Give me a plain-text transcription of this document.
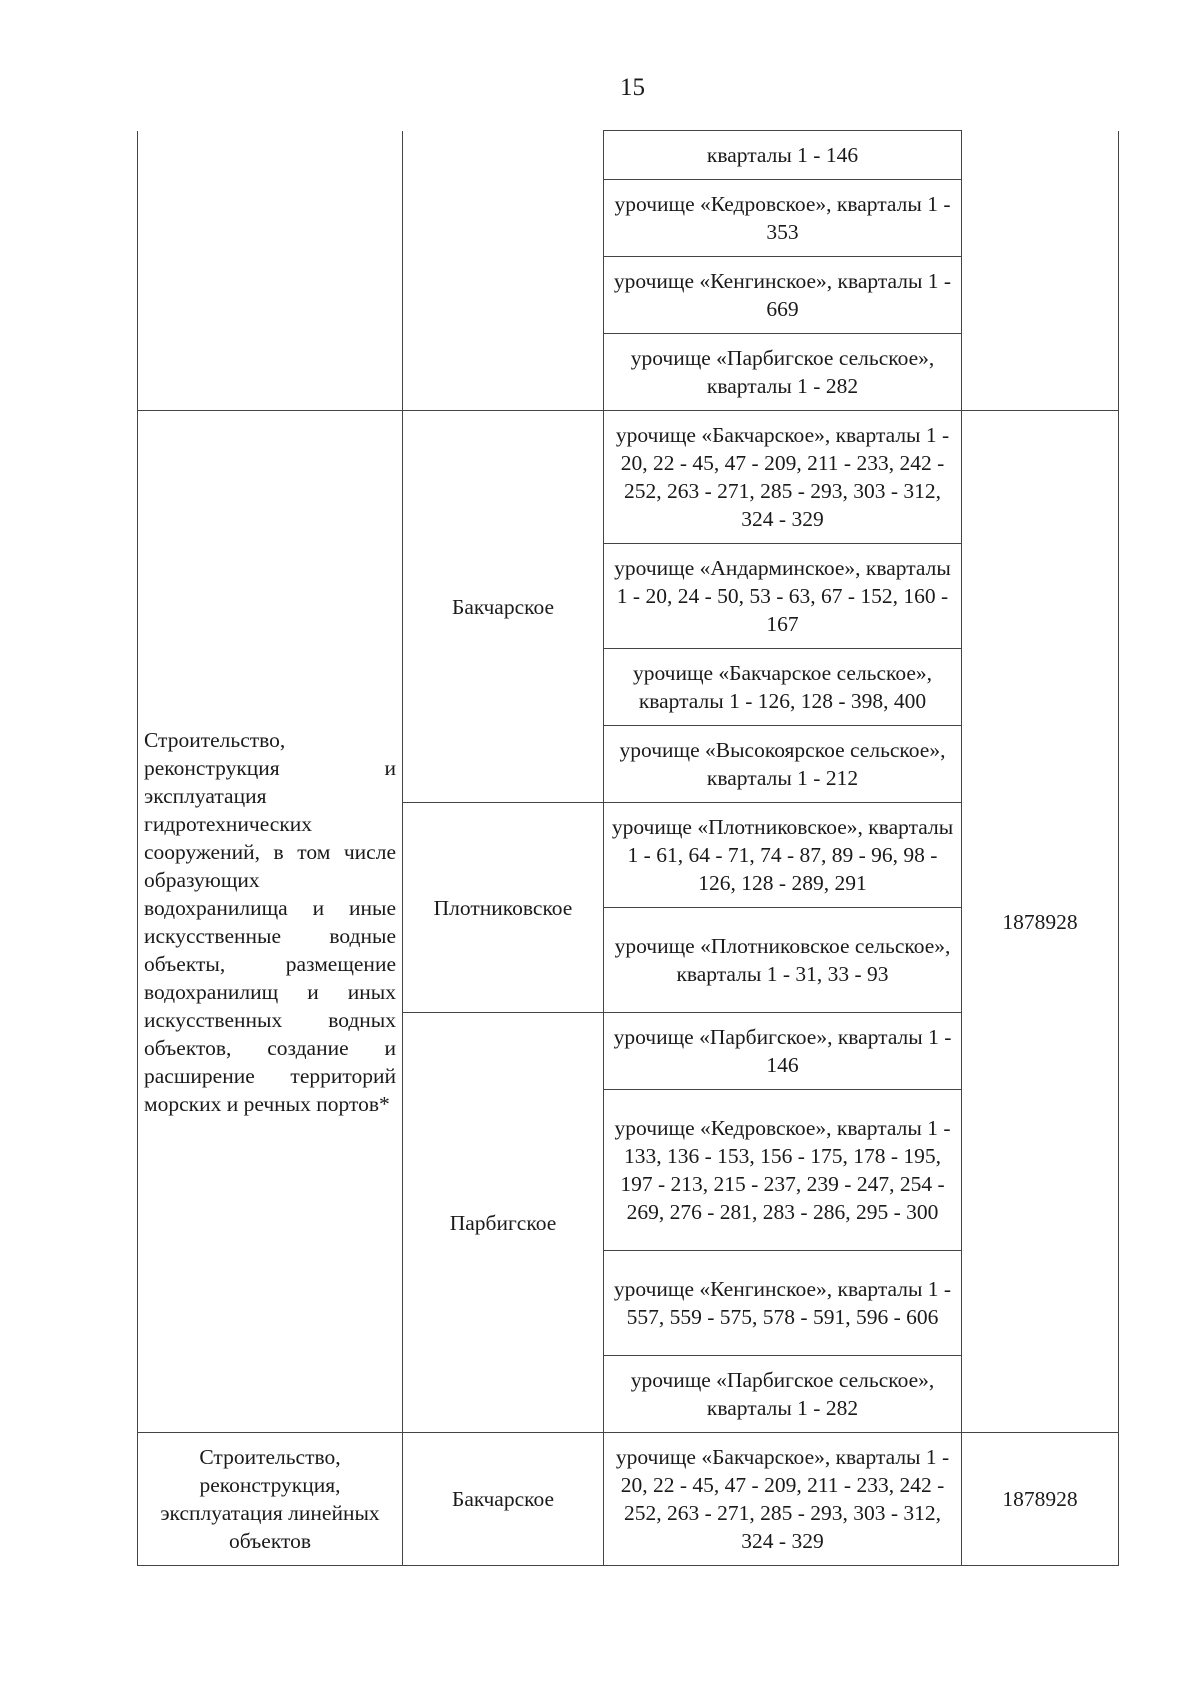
15
		кварталы 1 - 146	
		урочище «Кедровское», кварталы 1 - 353	
		урочище «Кенгинское», кварталы 1 - 669	
		урочище «Парбигское сельское», кварталы 1 - 282	
Строительство, реконструкция и эксплуатация гидротехнических сооружений, в том числе образующих водохранилища и иные искусственные водные объекты, размещение водохранилищ и иных искусственных водных объектов, создание и расширение территорий морских и речных портов*	Бакчарское	урочище «Бакчарское», кварталы 1 - 20, 22 - 45, 47 - 209, 211 - 233, 242 - 252, 263 - 271, 285 - 293, 303 - 312, 324 - 329	1878928
		урочище «Андарминское», кварталы 1 - 20, 24 - 50, 53 - 63, 67 - 152, 160 - 167	
		урочище «Бакчарское сельское», кварталы 1 - 126, 128 - 398, 400	
		урочище «Высокоярское сельское», кварталы 1 - 212	
	Плотниковское	урочище «Плотниковское», кварталы 1 - 61, 64 - 71, 74 - 87, 89 - 96, 98 - 126, 128 - 289, 291	
		урочище «Плотниковское сельское», кварталы 1 - 31, 33 - 93	
	Парбигское	урочище «Парбигское», кварталы 1 - 146	
		урочище «Кедровское», кварталы 1 - 133, 136 - 153, 156 - 175, 178 - 195, 197 - 213, 215 - 237, 239 - 247, 254 - 269, 276 - 281, 283 - 286, 295 - 300	
		урочище «Кенгинское», кварталы 1 - 557, 559 - 575, 578 - 591, 596 - 606	
		урочище «Парбигское сельское», кварталы 1 - 282	
Строительство, реконструкция, эксплуатация линейных объектов	Бакчарское	урочище «Бакчарское», кварталы 1 - 20, 22 - 45, 47 - 209, 211 - 233, 242 - 252, 263 - 271, 285 - 293, 303 - 312, 324 - 329	1878928
